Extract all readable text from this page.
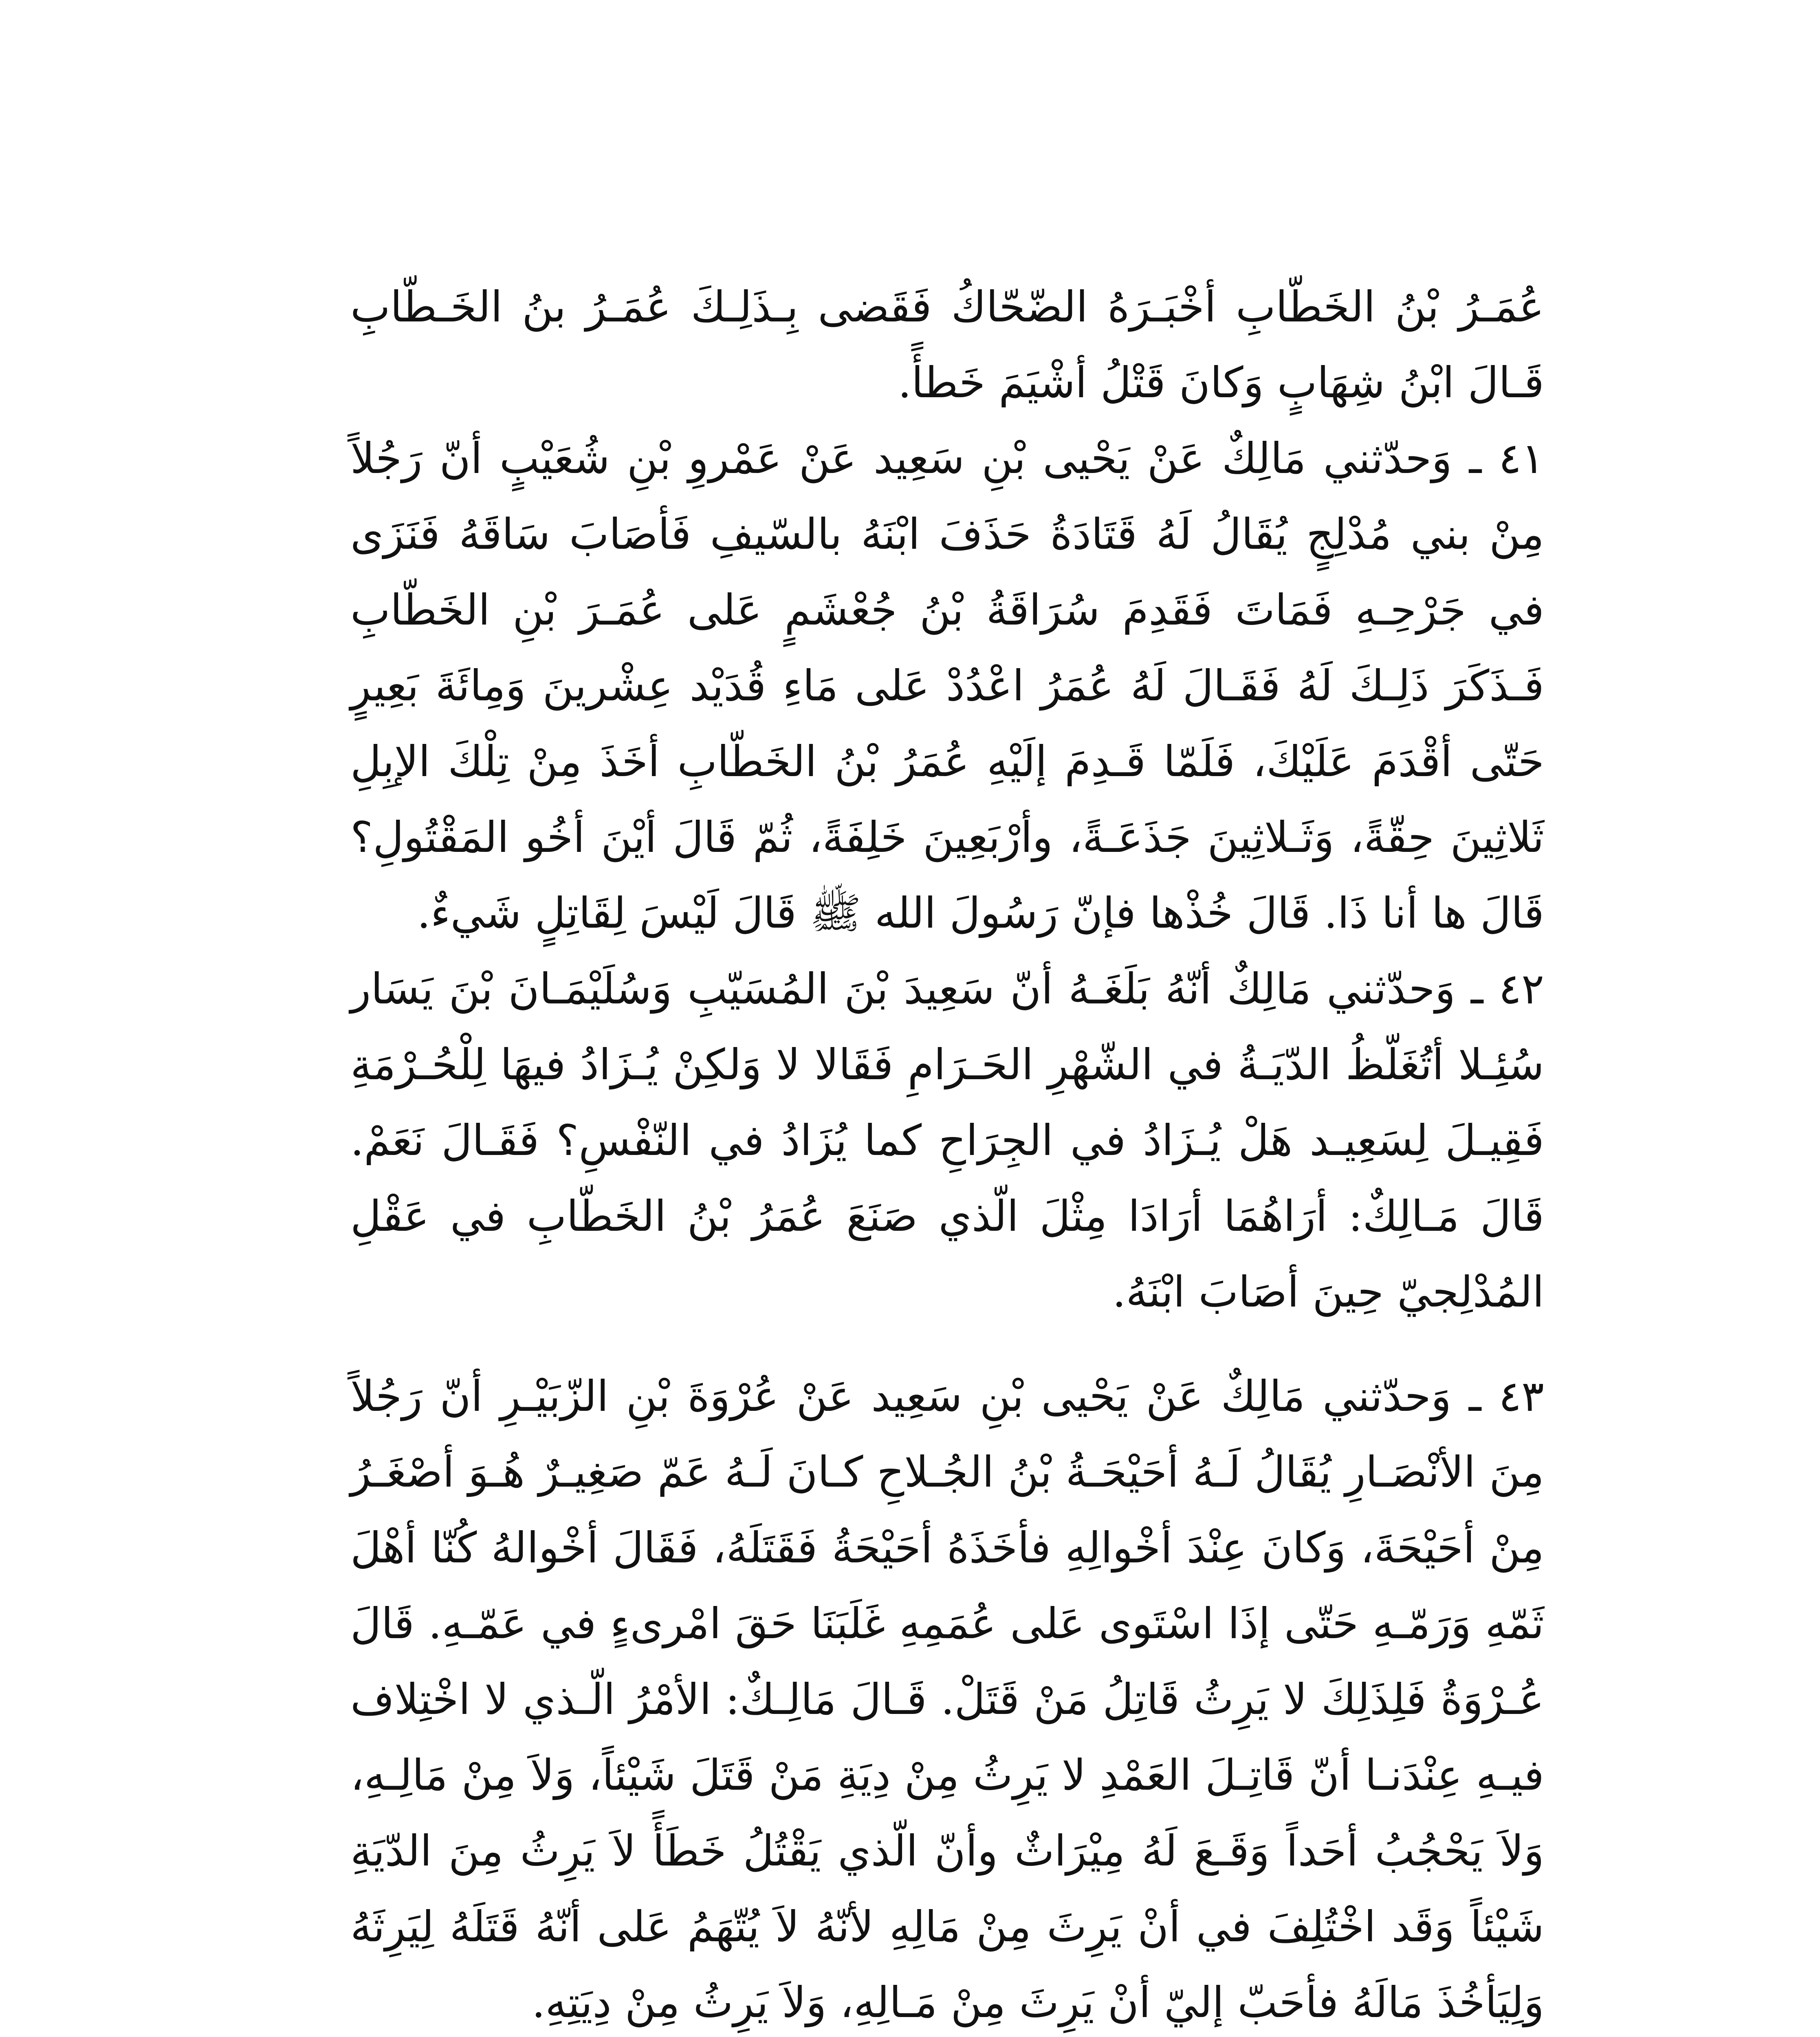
عُمَـرُ بْنُ الخَطّابِ أخْبَـرَهُ الضّحّاكُ فَقَضى بِـذَلِـكَ عُمَـرُ بنُ الخَـطّابِ قَـالَ ابْنُ شِهَابٍ وَكانَ قَتْلُ أشْيَمَ خَطأً.

٤١ ـ وَحدّثني مَالِكٌ عَنْ يَحْيى بْنِ سَعِيد عَنْ عَمْروِ بْنِ شُعَيْبٍ أنّ رَجُلاً مِنْ بني مُدْلِجٍ يُقَالُ لَهُ قَتَادَةُ حَذَفَ ابْنَهُ بالسّيفِ فَأصَابَ سَاقَهُ فَنَزَى في جَرْحِـهِ فَمَاتَ فَقَدِمَ سُرَاقَةُ بْنُ جُعْشَمٍ عَلى عُمَـرَ بْنِ الخَطّابِ فَـذَكَرَ ذَلِـكَ لَهُ فَقَـالَ لَهُ عُمَرُ اعْدُدْ عَلى مَاءِ قُدَيْد عِشْرينَ وَمِائَةَ بَعِيرٍ حَتّى أقْدَمَ عَلَيْكَ، فَلَمّا قَـدِمَ إلَيْهِ عُمَرُ بْنُ الخَطّابِ أخَذَ مِنْ تِلْكَ الإبِلِ ثَلاثِينَ حِقّةً، وَثَـلاثِينَ جَذَعَـةً، وأرْبَعِينَ خَلِفَةً، ثُمّ قَالَ أيْنَ أخُو المَقْتُولِ؟ قَالَ ها أنا ذَا. قَالَ خُذْها فإنّ رَسُولَ الله ﷺ قَالَ لَيْسَ لِقَاتِلٍ شَيءٌ.

٤٢ ـ وَحدّثني مَالِكٌ أنّهُ بَلَغَـهُ أنّ سَعِيدَ بْنَ المُسَيّبِ وَسُلَيْمَـانَ بْنَ يَسَار سُئِـلا أتُغَلّظُ الدّيَـةُ في الشّهْرِ الحَـرَامِ فَقَالا لا وَلكِنْ يُـزَادُ فيهَا لِلْحُـرْمَةِ فَقِيـلَ لِسَعِيـد هَلْ يُـزَادُ في الجِرَاحِ كما يُزَادُ في النّفْسِ؟ فَقَـالَ نَعَمْ. قَالَ مَـالِكٌ: أرَاهُمَا أرَادَا مِثْلَ الّذي صَنَعَ عُمَرُ بْنُ الخَطّابِ في عَقْلِ المُدْلِجيّ حِينَ أصَابَ ابْنَهُ.

٤٣ ـ وَحدّثني مَالِكٌ عَنْ يَحْيى بْنِ سَعِيد عَنْ عُرْوَةَ بْنِ الزّبَيْـرِ أنّ رَجُلاً مِنَ الأنْصَـارِ يُقَالُ لَـهُ أحَيْحَـةُ بْنُ الجُـلاحِ كـانَ لَـهُ عَمّ صَغِيـرٌ هُـوَ أصْغَـرُ مِنْ أحَيْحَةَ، وَكانَ عِنْدَ أخْوالِهِ فأخَذَهُ أحَيْحَةُ فَقَتَلَهُ، فَقَالَ أخْوالهُ كُنّا أهْلَ ثَمّهِ وَرَمّـهِ حَتّى إذَا اسْتَوى عَلى عُمَمِهِ غَلَبَنَا حَقَ امْرىءٍ في عَمّـهِ. قَالَ عُـرْوَةُ فَلِذَلِكَ لا يَرِثُ قَاتِلُ مَنْ قَتَلْ. قَـالَ مَالِـكٌ: الأمْرُ الّـذي لا اخْتِلاف فيـهِ عِنْدَنـا أنّ قَاتِـلَ العَمْدِ لا يَرِثُ مِنْ دِيَةِ مَنْ قَتَلَ شَيْئاً، وَلاَ مِنْ مَالِـهِ، وَلاَ يَحْجُبُ أحَداً وَقَـعَ لَهُ مِيْرَاثٌ وأنّ الّذي يَقْتُلُ خَطَأً لاَ يَرِثُ مِنَ الدّيَةِ شَيْئاً وَقَد اخْتُلِفَ في أنْ يَرِثَ مِنْ مَالِهِ لأنّهُ لاَ يُتّهَمُ عَلى أنّهُ قَتَلَهُ لِيَرِثَهُ وَلِيَأخُذَ مَالَهُ فأحَبّ إليّ أنْ يَرِثَ مِنْ مَـالِهِ، وَلاَ يَرِثُ مِنْ دِيَتِهِ.
